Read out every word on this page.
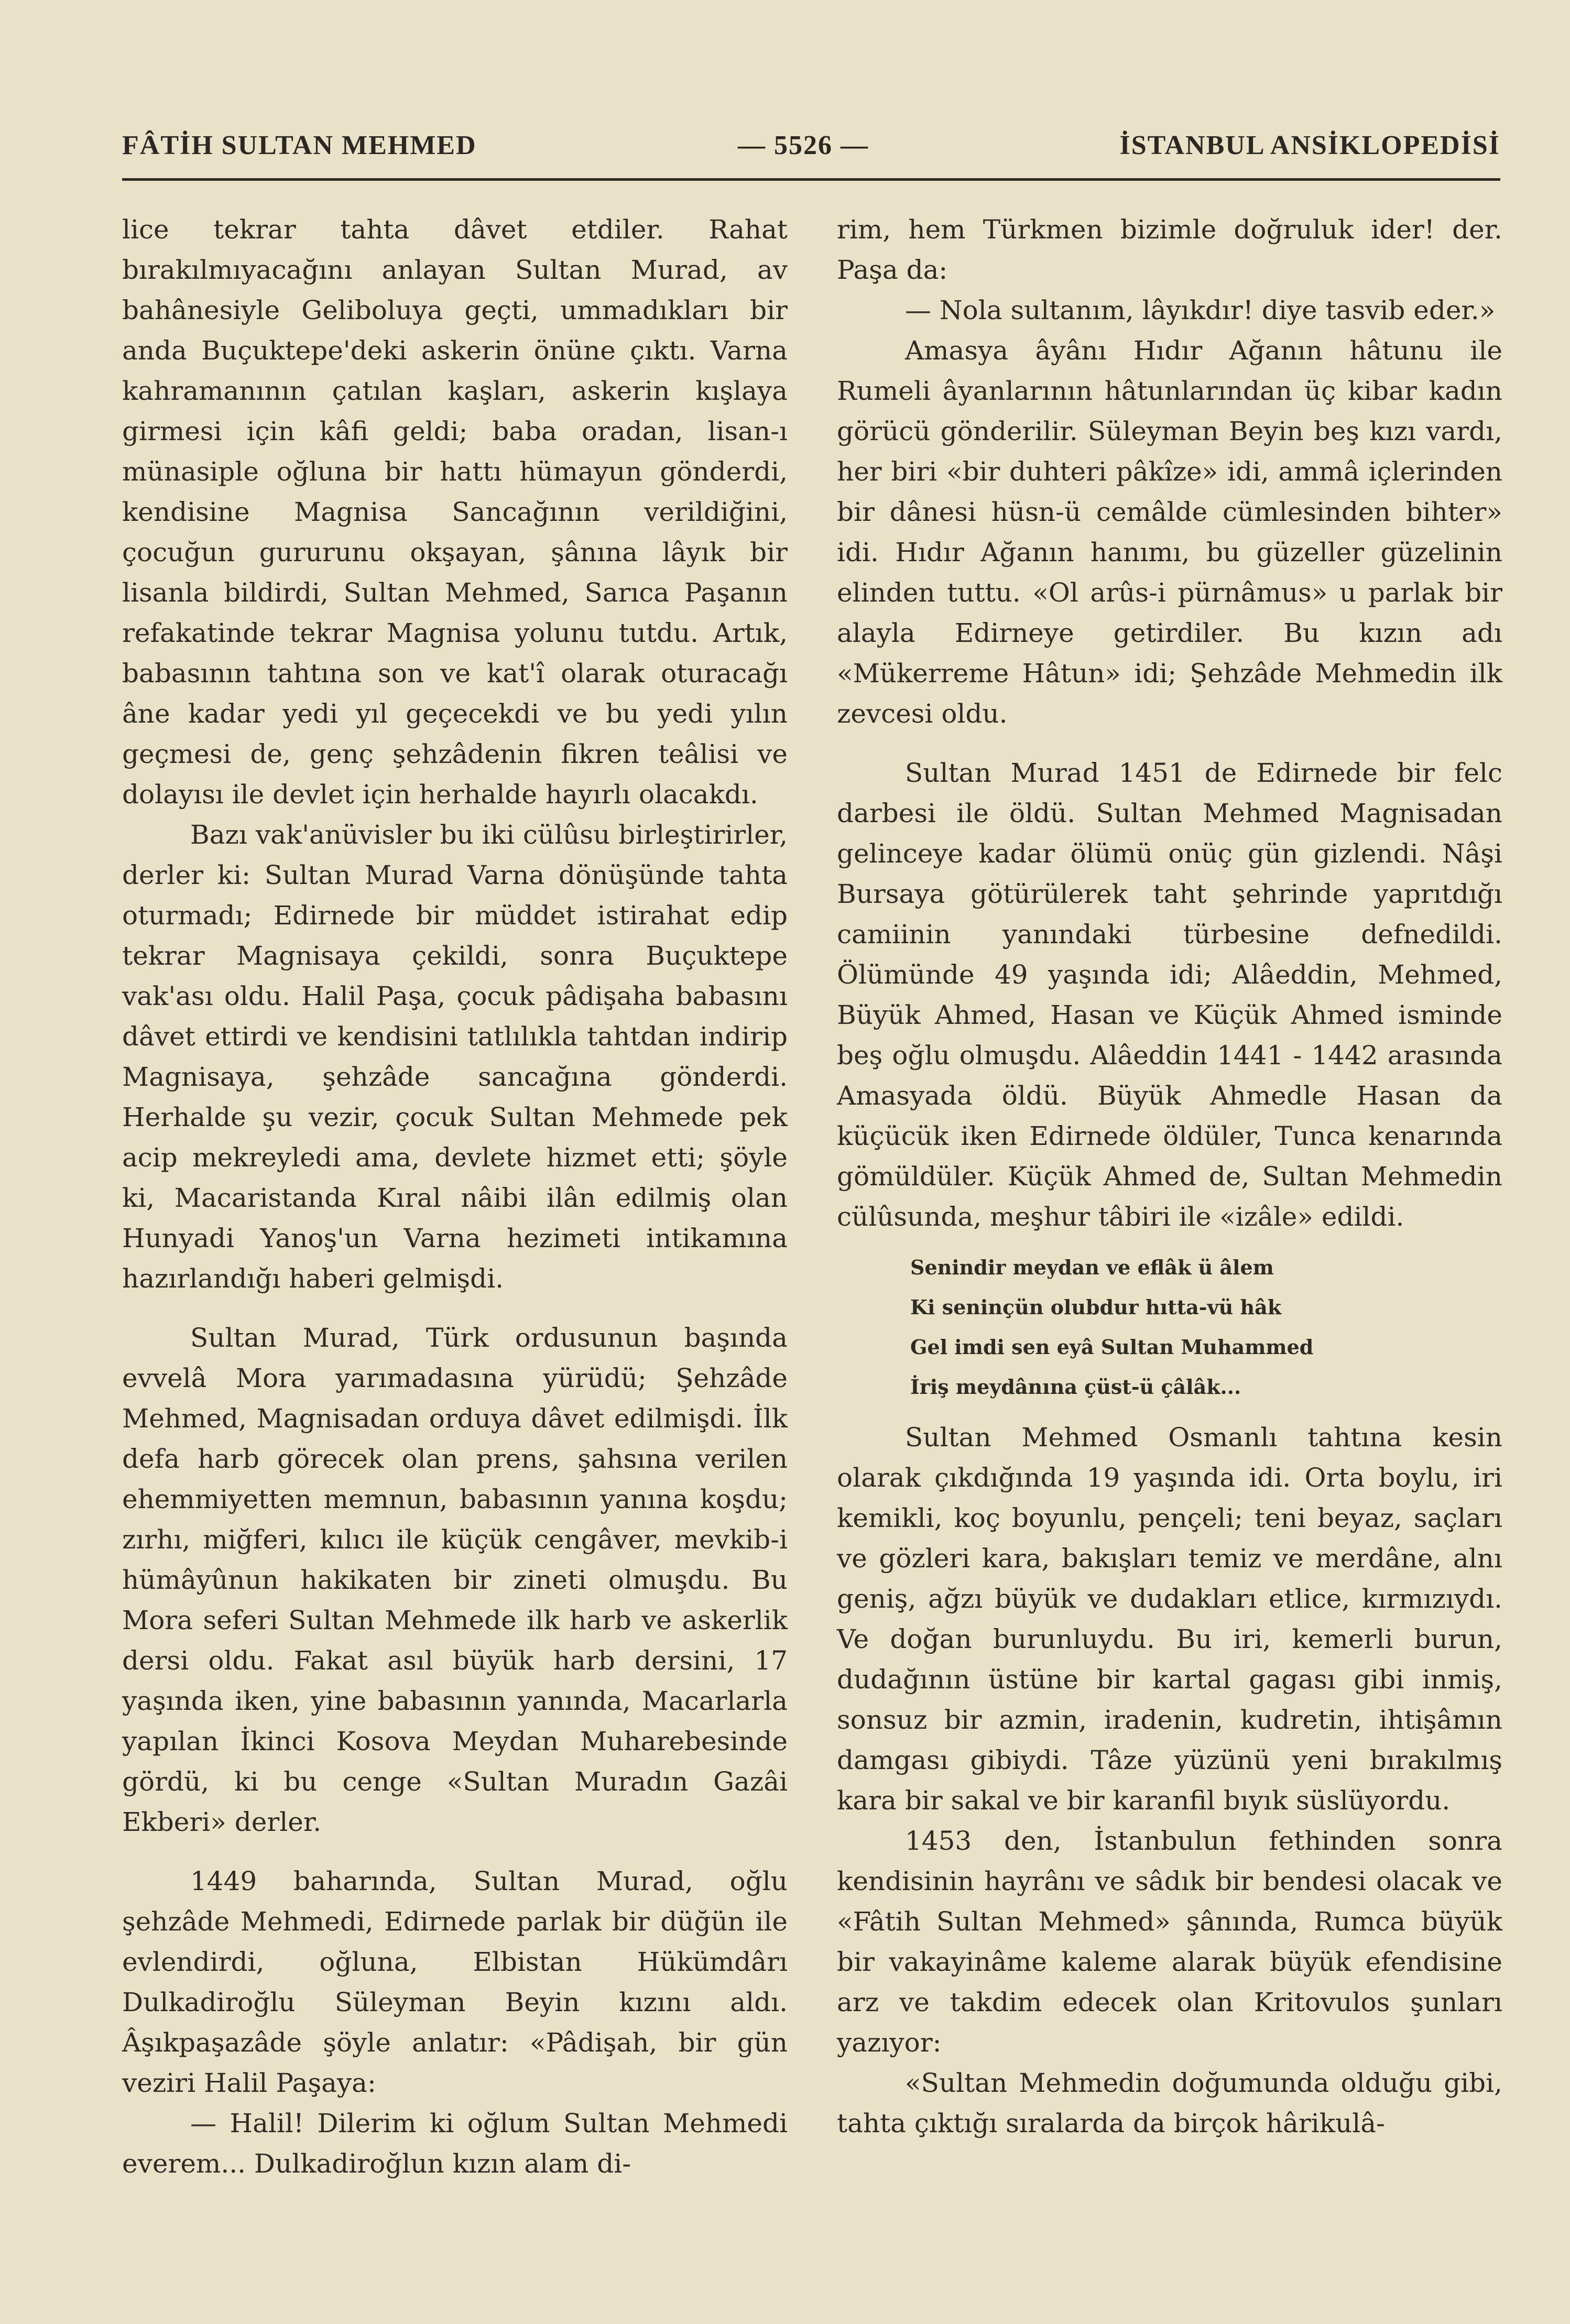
FÂTİH SULTAN MEHMED	— 5526 —	İSTANBUL ANSİKLOPEDİSİ

lice tekrar tahta dâvet etdiler. Rahat bırakılmıyacağını anlayan Sultan Murad, av bahânesiyle Geliboluya geçti, ummadıkları bir anda Buçuktepe'deki askerin önüne çıktı. Varna kahramanının çatılan kaşları, askerin kışlaya girmesi için kâfi geldi; baba oradan, lisan-ı münasiple oğluna bir hattı hümayun gönderdi, kendisine Magnisa Sancağının verildiğini, çocuğun gururunu okşayan, şânına lâyık bir lisanla bildirdi, Sultan Mehmed, Sarıca Paşanın refakatinde tekrar Magnisa yolunu tutdu. Artık, babasının tahtına son ve kat'î olarak oturacağı âne kadar yedi yıl geçecekdi ve bu yedi yılın geçmesi de, genç şehzâdenin fikren teâlisi ve dolayısı ile devlet için herhalde hayırlı olacakdı.

Bazı vak'anüvisler bu iki cülûsu birleştirirler, derler ki: Sultan Murad Varna dönüşünde tahta oturmadı; Edirnede bir müddet istirahat edip tekrar Magnisaya çekildi, sonra Buçuktepe vak'ası oldu. Halil Paşa, çocuk pâdişaha babasını dâvet ettirdi ve kendisini tatlılıkla tahtdan indirip Magnisaya, şehzâde sancağına gönderdi. Herhalde şu vezir, çocuk Sultan Mehmede pek acip mekreyledi ama, devlete hizmet etti; şöyle ki, Macaristanda Kıral nâibi ilân edilmiş olan Hunyadi Yanoş'un Varna hezimeti intikamına hazırlandığı haberi gelmişdi.

Sultan Murad, Türk ordusunun başında evvelâ Mora yarımadasına yürüdü; Şehzâde Mehmed, Magnisadan orduya dâvet edilmişdi. İlk defa harb görecek olan prens, şahsına verilen ehemmiyetten memnun, babasının yanına koşdu; zırhı, miğferi, kılıcı ile küçük cengâver, mevkib-i hümâyûnun hakikaten bir zineti olmuşdu. Bu Mora seferi Sultan Mehmede ilk harb ve askerlik dersi oldu. Fakat asıl büyük harb dersini, 17 yaşında iken, yine babasının yanında, Macarlarla yapılan İkinci Kosova Meydan Muharebesinde gördü, ki bu cenge «Sultan Muradın Gazâi Ekberi» derler.

1449 baharında, Sultan Murad, oğlu şehzâde Mehmedi, Edirnede parlak bir düğün ile evlendirdi, oğluna, Elbistan Hükümdârı Dulkadiroğlu Süleyman Beyin kızını aldı. Âşıkpaşazâde şöyle anlatır: «Pâdişah, bir gün veziri Halil Paşaya:

— Halil! Dilerim ki oğlum Sultan Mehmedi everem... Dulkadiroğlun kızın alam di-

rim, hem Türkmen bizimle doğruluk ider! der. Paşa da:

— Nola sultanım, lâyıkdır! diye tasvib eder.»

Amasya âyânı Hıdır Ağanın hâtunu ile Rumeli âyanlarının hâtunlarından üç kibar kadın görücü gönderilir. Süleyman Beyin beş kızı vardı, her biri «bir duhteri pâkîze» idi, ammâ içlerinden bir dânesi hüsn-ü cemâlde cümlesinden bihter» idi. Hıdır Ağanın hanımı, bu güzeller güzelinin elinden tuttu. «Ol arûs-i pürnâmus» u parlak bir alayla Edirneye getirdiler. Bu kızın adı «Mükerreme Hâtun» idi; Şehzâde Mehmedin ilk zevcesi oldu.

Sultan Murad 1451 de Edirnede bir felc darbesi ile öldü. Sultan Mehmed Magnisadan gelinceye kadar ölümü onüç gün gizlendi. Nâşi Bursaya götürülerek taht şehrinde yaprıtdığı camiinin yanındaki türbesine defnedildi. Ölümünde 49 yaşında idi; Alâeddin, Mehmed, Büyük Ahmed, Hasan ve Küçük Ahmed isminde beş oğlu olmuşdu. Alâeddin 1441 - 1442 arasında Amasyada öldü. Büyük Ahmedle Hasan da küçücük iken Edirnede öldüler, Tunca kenarında gömüldüler. Küçük Ahmed de, Sultan Mehmedin cülûsunda, meşhur tâbiri ile «izâle» edildi.

Senindir meydan ve eflâk ü âlem
Ki seninçün olubdur hıtta-vü hâk
Gel imdi sen eyâ Sultan Muhammed
İriş meydânına çüst-ü çâlâk...

Sultan Mehmed Osmanlı tahtına kesin olarak çıkdığında 19 yaşında idi. Orta boylu, iri kemikli, koç boyunlu, pençeli; teni beyaz, saçları ve gözleri kara, bakışları temiz ve merdâne, alnı geniş, ağzı büyük ve dudakları etlice, kırmızıydı. Ve doğan burunluydu. Bu iri, kemerli burun, dudağının üstüne bir kartal gagası gibi inmiş, sonsuz bir azmin, iradenin, kudretin, ihtişâmın damgası gibiydi. Tâze yüzünü yeni bırakılmış kara bir sakal ve bir karanfil bıyık süslüyordu.

1453 den, İstanbulun fethinden sonra kendisinin hayrânı ve sâdık bir bendesi olacak ve «Fâtih Sultan Mehmed» şânında, Rumca büyük bir vakayinâme kaleme alarak büyük efendisine arz ve takdim edecek olan Kritovulos şunları yazıyor:

«Sultan Mehmedin doğumunda olduğu gibi, tahta çıktığı sıralarda da birçok hârikulâ-
